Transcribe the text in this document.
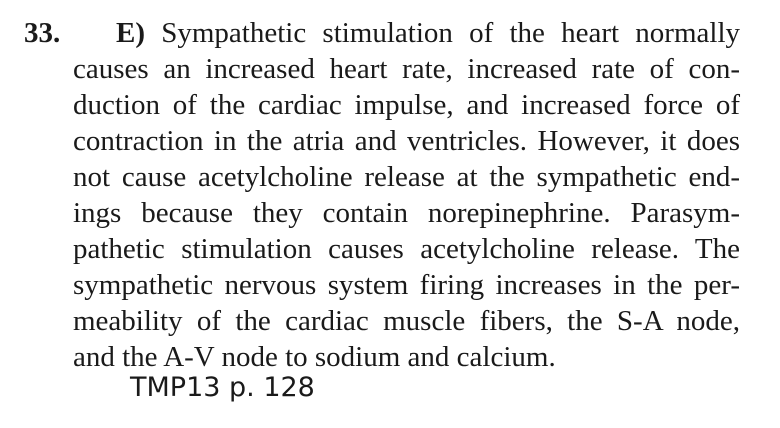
33. E) Sympathetic stimulation of the heart normally
causes an increased heart rate, increased rate of con-
duction of the cardiac impulse, and increased force of
contraction in the atria and ventricles. However, it does
not cause acetylcholine release at the sympathetic end-
ings because they contain norepinephrine. Parasym-
pathetic stimulation causes acetylcholine release. The
sympathetic nervous system firing increases in the per-
meability of the cardiac muscle fibers, the S-A node,
and the A-V node to sodium and calcium.
TMP13 p. 128
